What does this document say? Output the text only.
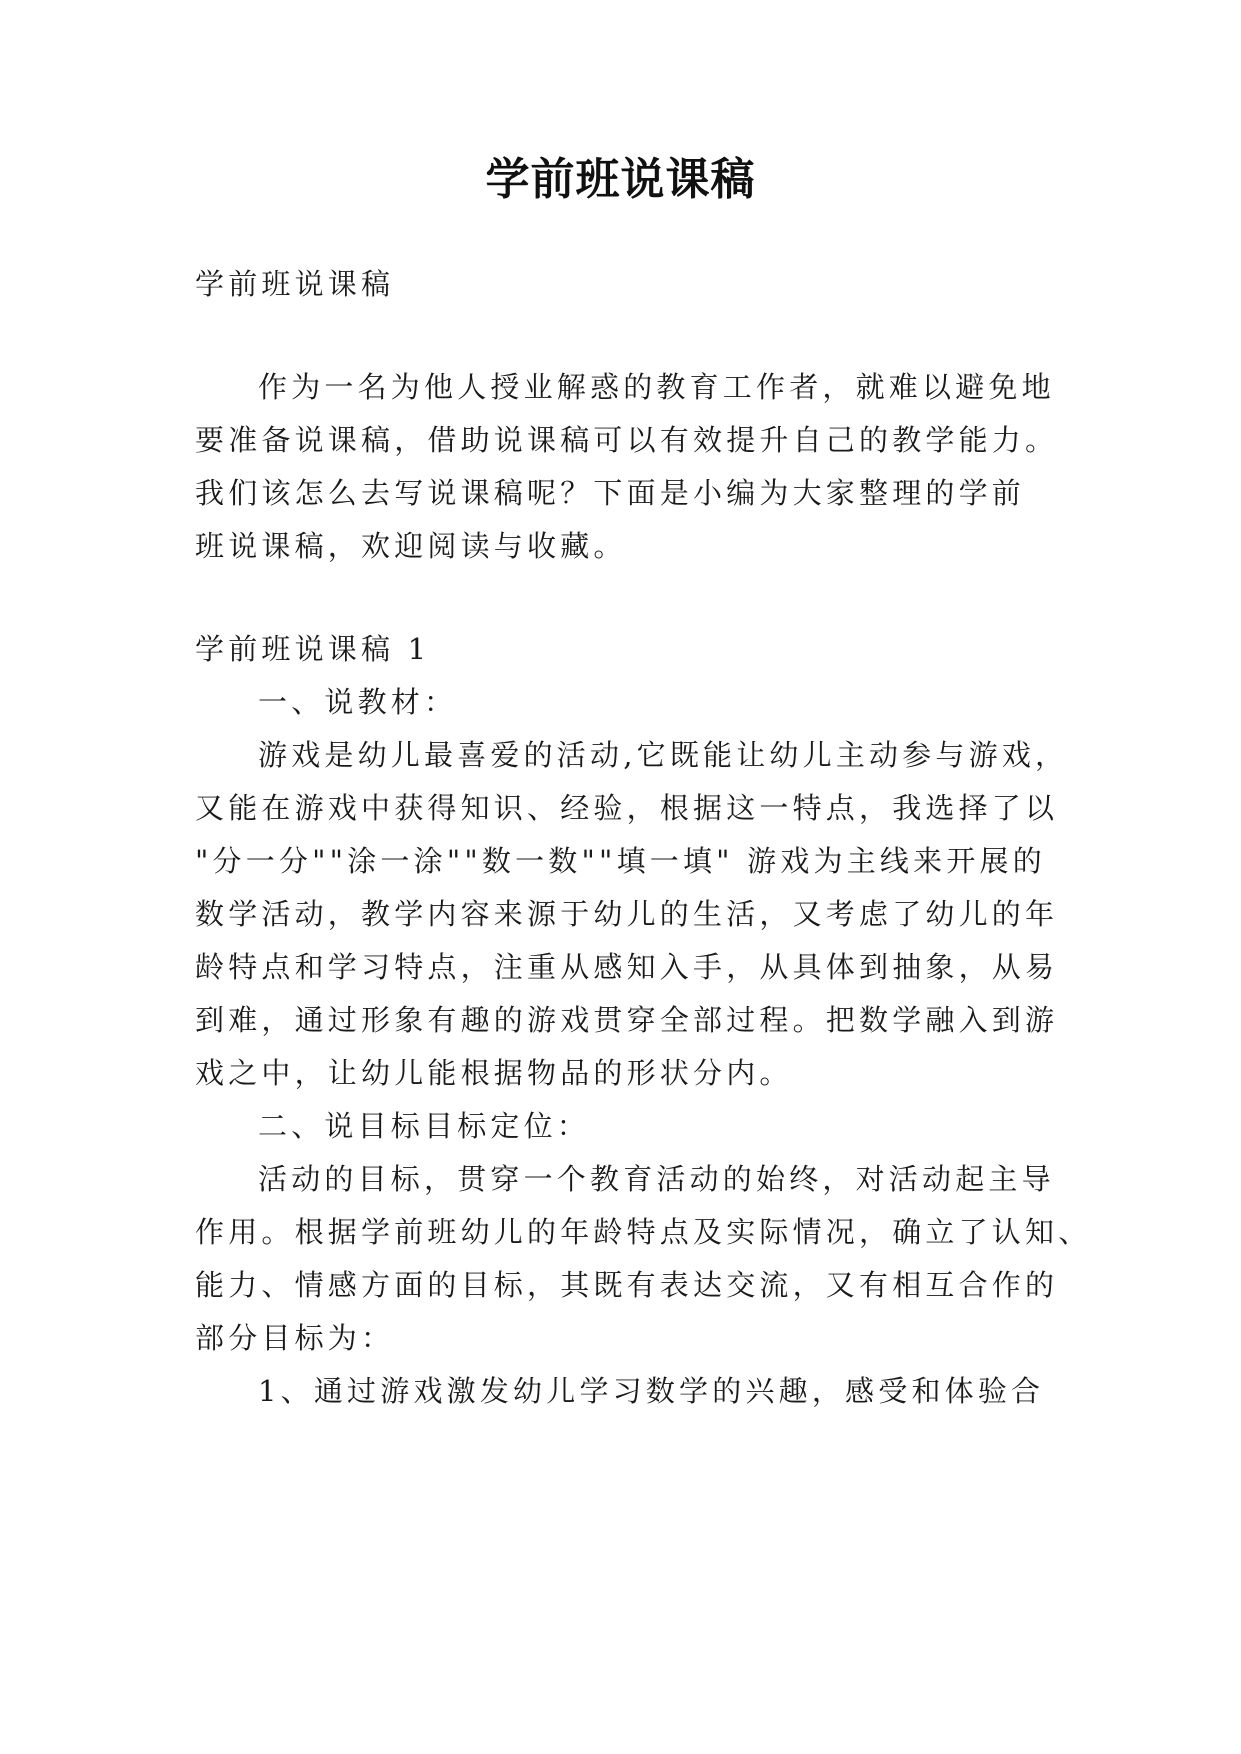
学前班说课稿
学前班说课稿
作为一名为他人授业解惑的教育工作者，就难以避免地
要准备说课稿，借助说课稿可以有效提升自己的教学能力。
我们该怎么去写说课稿呢？下面是小编为大家整理的学前
班说课稿，欢迎阅读与收藏。
学前班说课稿 1
一、说教材：
游戏是幼儿最喜爱的活动,它既能让幼儿主动参与游戏，
又能在游戏中获得知识、经验，根据这一特点，我选择了以
"分一分""涂一涂""数一数""填一填" 游戏为主线来开展的
数学活动，教学内容来源于幼儿的生活，又考虑了幼儿的年
龄特点和学习特点，注重从感知入手，从具体到抽象，从易
到难，通过形象有趣的游戏贯穿全部过程。把数学融入到游
戏之中，让幼儿能根据物品的形状分内。
二、说目标目标定位：
活动的目标，贯穿一个教育活动的始终，对活动起主导
作用。根据学前班幼儿的年龄特点及实际情况，确立了认知、
能力、情感方面的目标，其既有表达交流，又有相互合作的
部分目标为：
1、通过游戏激发幼儿学习数学的兴趣，感受和体验合
